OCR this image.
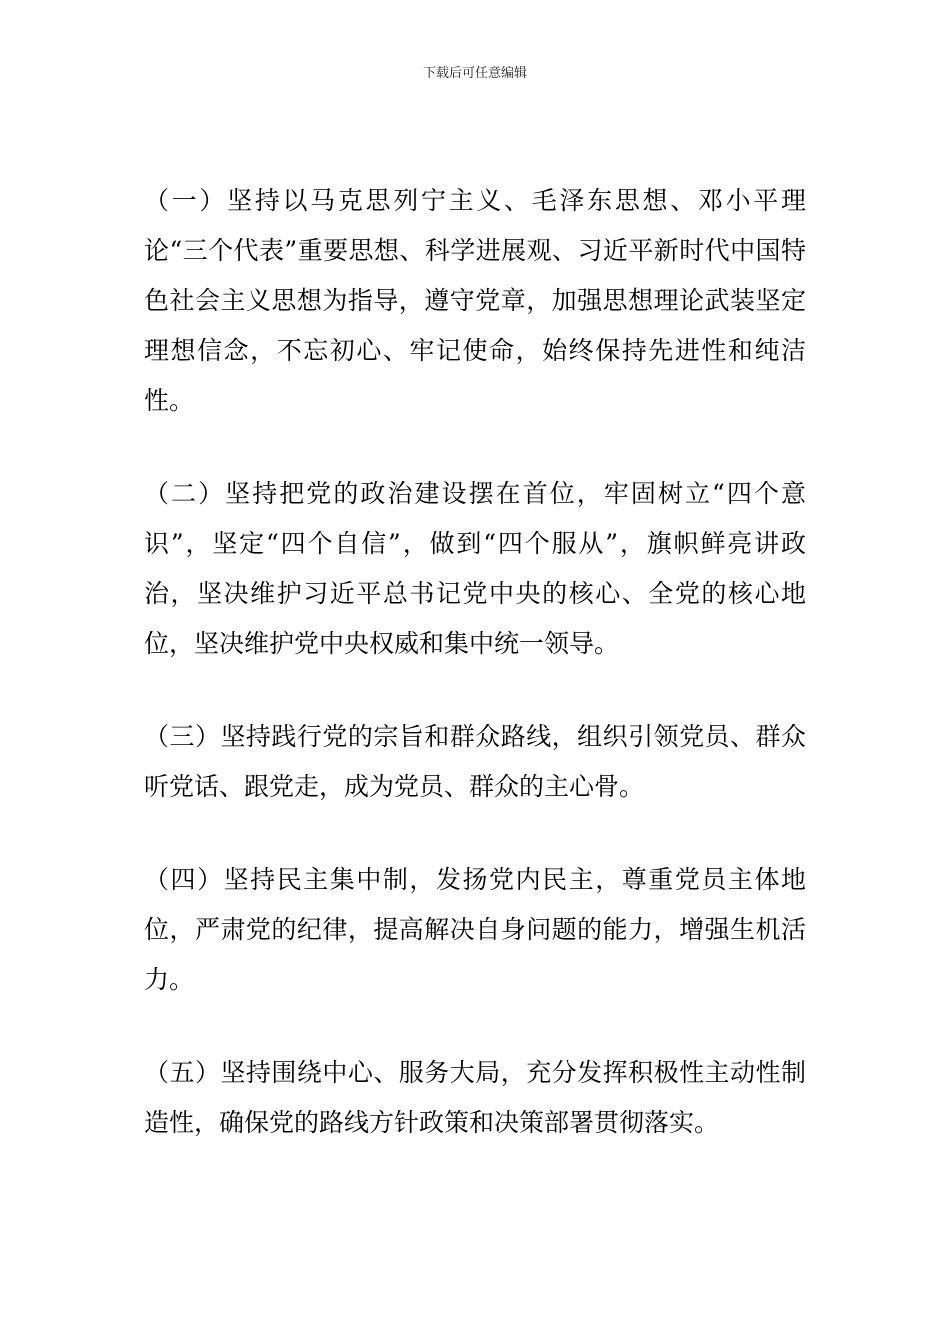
下载后可任意编辑

（一）坚持以马克思列宁主义、毛泽东思想、邓小平理论“三个代表”重要思想、科学进展观、习近平新时代中国特色社会主义思想为指导，遵守党章，加强思想理论武装坚定理想信念，不忘初心、牢记使命，始终保持先进性和纯洁性。

（二）坚持把党的政治建设摆在首位，牢固树立“四个意识”，坚定“四个自信”，做到“四个服从”，旗帜鲜亮讲政治，坚决维护习近平总书记党中央的核心、全党的核心地位，坚决维护党中央权威和集中统一领导。

（三）坚持践行党的宗旨和群众路线，组织引领党员、群众听党话、跟党走，成为党员、群众的主心骨。

（四）坚持民主集中制，发扬党内民主，尊重党员主体地位，严肃党的纪律，提高解决自身问题的能力，增强生机活力。

（五）坚持围绕中心、服务大局，充分发挥积极性主动性制造性，确保党的路线方针政策和决策部署贯彻落实。
